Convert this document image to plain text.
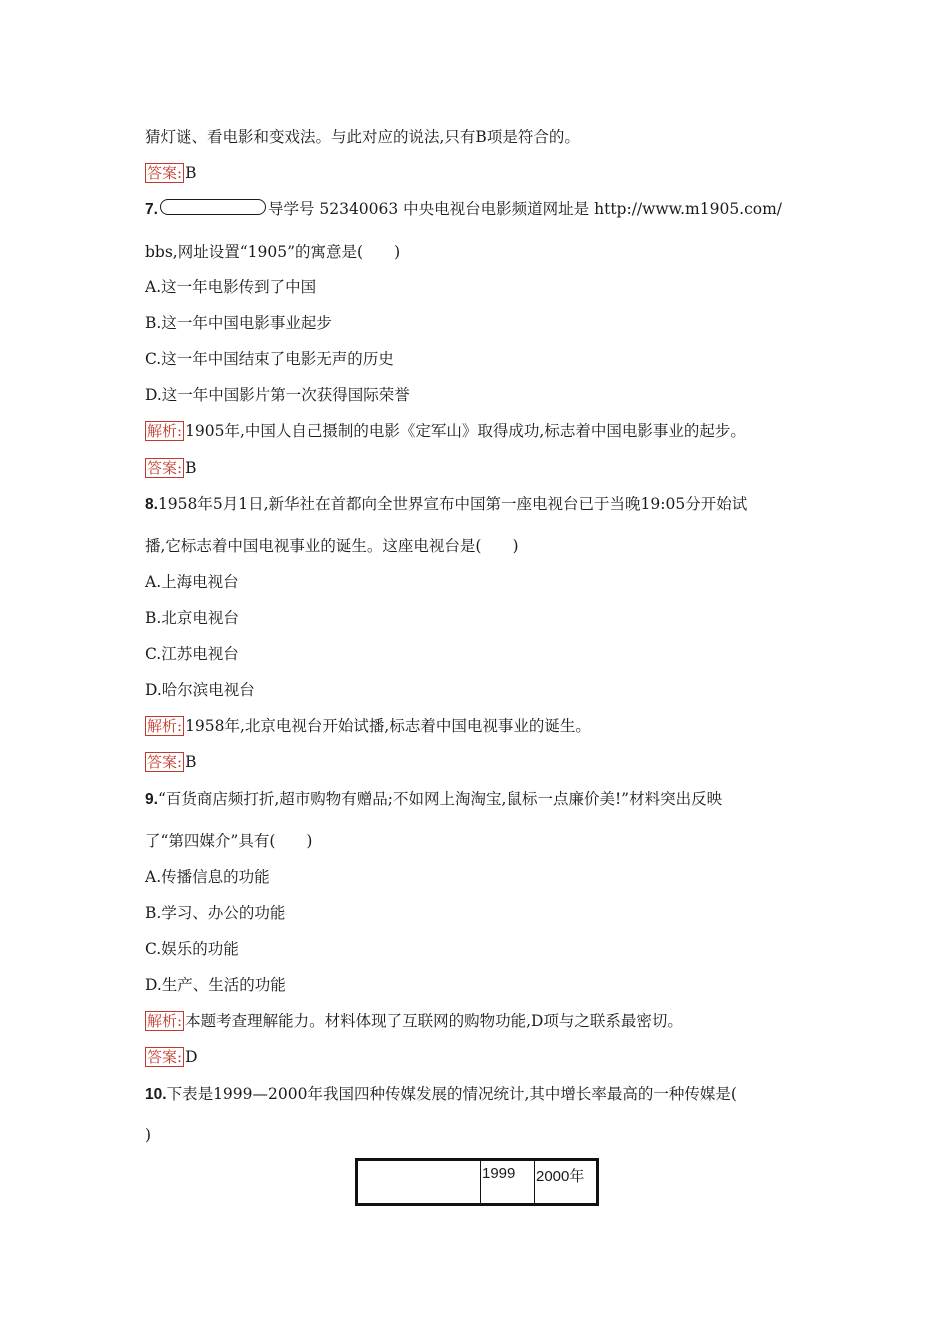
猜灯谜、看电影和变戏法。与此对应的说法,只有B项是符合的。
答案: B
7.	导学号 52340063 中央电视台电影频道网址是 http://www.m1905.com/
bbs,网址设置“1905”的寓意是(　　)
A.这一年电影传到了中国
B.这一年中国电影事业起步
C.这一年中国结束了电影无声的历史
D.这一年中国影片第一次获得国际荣誉
解析: 1905年,中国人自己摄制的电影《定军山》取得成功,标志着中国电影事业的起步。
答案: B
8.1958年5月1日,新华社在首都向全世界宣布中国第一座电视台已于当晚19:05分开始试
播,它标志着中国电视事业的诞生。这座电视台是(　　)
A.上海电视台
B.北京电视台
C.江苏电视台
D.哈尔滨电视台
解析: 1958年,北京电视台开始试播,标志着中国电视事业的诞生。
答案: B
9.“百货商店频打折,超市购物有赠品;不如网上淘淘宝,鼠标一点廉价美!”材料突出反映
了“第四媒介”具有(　　)
A.传播信息的功能
B.学习、办公的功能
C.娱乐的功能
D.生产、生活的功能
解析: 本题考查理解能力。材料体现了互联网的购物功能,D项与之联系最密切。
答案: D
10.下表是1999—2000年我国四种传媒发展的情况统计,其中增长率最高的一种传媒是(
)
	1999	2000年
